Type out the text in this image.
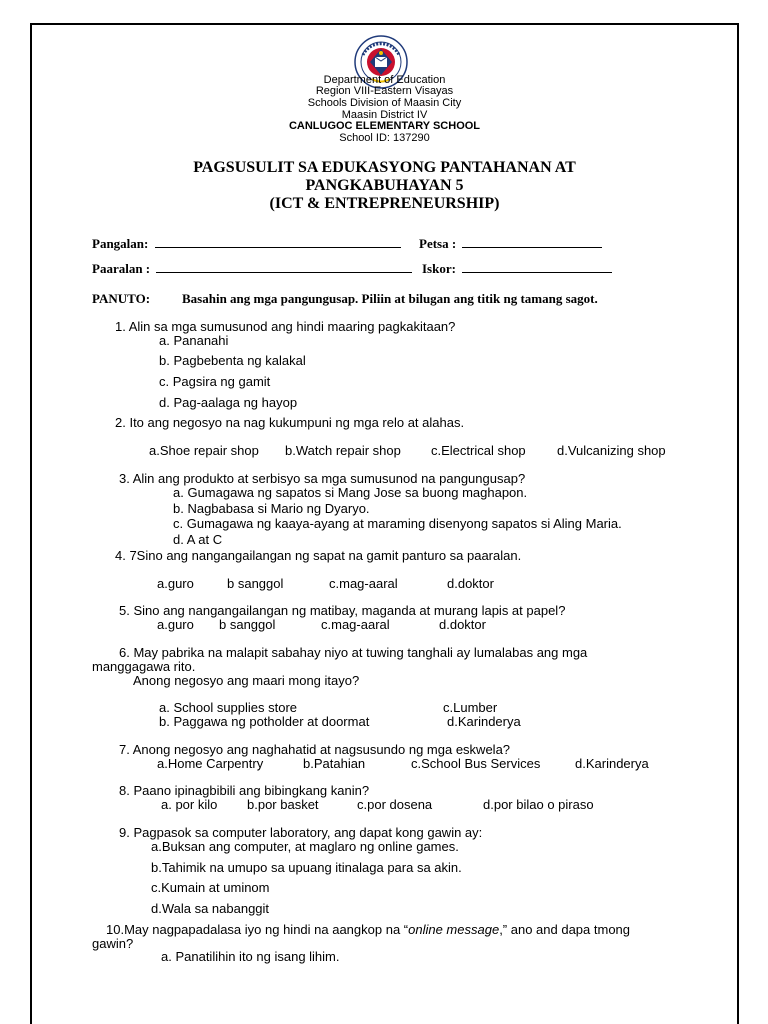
Department of Education
Region VIII-Eastern Visayas
Schools Division of Maasin City
Maasin District IV
CANLUGOC ELEMENTARY SCHOOL
School ID: 137290
PAGSUSULIT SA EDUKASYONG PANTAHANAN AT
PANGKABUHAYAN 5
(ICT & ENTREPRENEURSHIP)
Pangalan:	Petsa :
Paaralan :	Iskor:
PANUTO: Basahin ang mga pangungusap. Piliin at bilugan ang titik ng tamang sagot.
1. Alin sa mga sumusunod ang hindi maaring pagkakitaan?
a. Pananahi
b. Pagbebenta ng kalakal
c. Pagsira ng gamit
d. Pag-aalaga ng hayop
2. Ito ang negosyo na nag kukumpuni ng mga relo at alahas.
a.Shoe repair shop b.Watch repair shop c.Electrical shop d.Vulcanizing shop
3. Alin ang produkto at serbisyo sa mga sumusunod na pangungusap?
a. Gumagawa ng sapatos si Mang Jose sa buong maghapon.
b. Nagbabasa si Mario ng Dyaryo.
c. Gumagawa ng kaaya-ayang at maraming disenyong sapatos si Aling Maria.
d. A at C
4. 7Sino ang nangangailangan ng sapat na gamit panturo sa paaralan.
a.guro	b sanggol	c.mag-aaral	d.doktor
5. Sino ang nangangailangan ng matibay, maganda at murang lapis at papel?
a.guro b sanggol	c.mag-aaral	d.doktor
6. May pabrika na malapit sabahay niyo at tuwing tanghali ay lumalabas ang mga
manggagawa rito.
Anong negosyo ang maari mong itayo?
a. School supplies store	c.Lumber
b. Paggawa ng potholder at doormat	d.Karinderya
7. Anong negosyo ang naghahatid at nagsusundo ng mga eskwela?
a.Home Carpentry	b.Patahian	c.School Bus Services	d.Karinderya
8. Paano ipinagbibili ang bibingkang kanin?
a. por kilo b.por basket	c.por dosena	d.por bilao o piraso
9. Pagpasok sa computer laboratory, ang dapat kong gawin ay:
a.Buksan ang computer, at maglaro ng online games.
b.Tahimik na umupo sa upuang itinalaga para sa akin.
c.Kumain at uminom
d.Wala sa nabanggit
10.May nagpapadalasa iyo ng hindi na aangkop na “online message,” ano and dapa tmong
gawin?
a. Panatilihin ito ng isang lihim.
